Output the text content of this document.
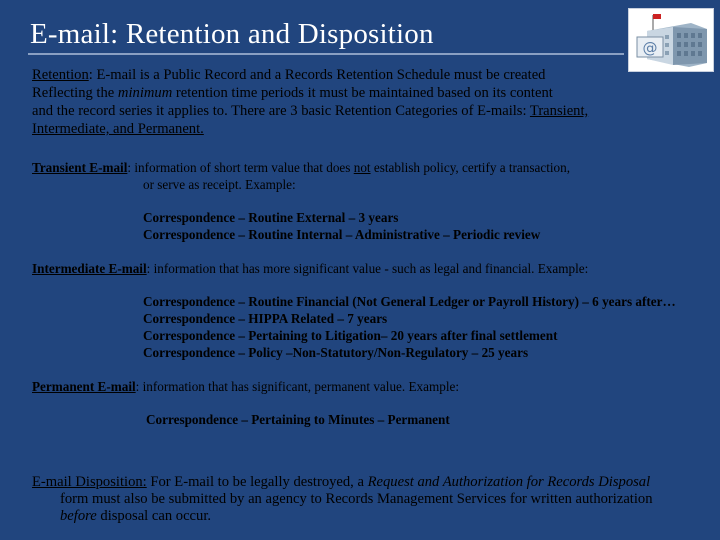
E-mail: Retention and Disposition	@
Retention: E-mail is a Public Record and a Records Retention Schedule must be created
Reflecting the minimum retention time periods it must be maintained based on its content
and the record series it applies to. There are 3 basic Retention Categories of E-mails: Transient,
Intermediate, and Permanent.
Transient E-mail: information of short term value that does not establish policy, certify a transaction,
or serve as receipt. Example:
Correspondence – Routine External – 3 years
Correspondence – Routine Internal – Administrative – Periodic review
Intermediate E-mail: information that has more significant value - such as legal and financial. Example:
Correspondence – Routine Financial (Not General Ledger or Payroll History) – 6 years after…
Correspondence – HIPPA Related – 7 years
Correspondence – Pertaining to Litigation– 20 years after final settlement
Correspondence – Policy –Non-Statutory/Non-Regulatory – 25 years
Permanent E-mail: information that has significant, permanent value. Example:
Correspondence – Pertaining to Minutes – Permanent
E-mail Disposition: For E-mail to be legally destroyed, a Request and Authorization for Records Disposal
form must also be submitted by an agency to Records Management Services for written authorization
before disposal can occur.
